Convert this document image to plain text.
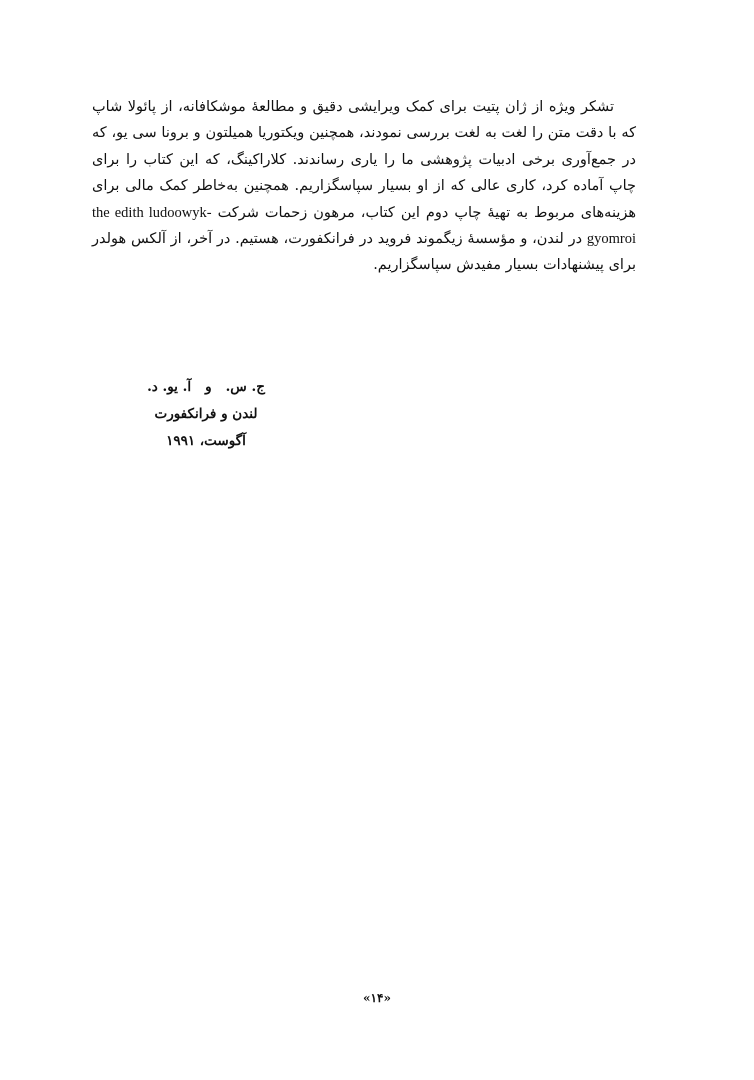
تشکر ویژه از ژان پتیت برای کمک ویرایشی دقیق و مطالعهٔ موشکافانه، از پائولا شاپ که با دقت متن را لغت به لغت بررسی نمودند، همچنین ویکتوریا همیلتون و برونا سی یو، که در جمع‌آوری برخی ادبیات پژوهشی ما را یاری رساندند. کلاراکینگ، که این کتاب را برای چاپ آماده کرد، کاری عالی که از او بسیار سپاسگزاریم. همچنین به‌خاطر کمک مالی برای هزینه‌های مربوط به تهیهٔ چاپ دوم این کتاب، مرهون زحمات شرکت the edith ludoowyk-gyomroi در لندن، و مؤسسهٔ زیگموند فروید در فرانکفورت، هستیم. در آخر، از آلکس هولدر برای پیشنهادات بسیار مفیدش سپاسگزاریم.

ج. س.وآ. یو. د.
لندن و فرانکفورت
آگوست، ۱۹۹۱
«۱۴»
